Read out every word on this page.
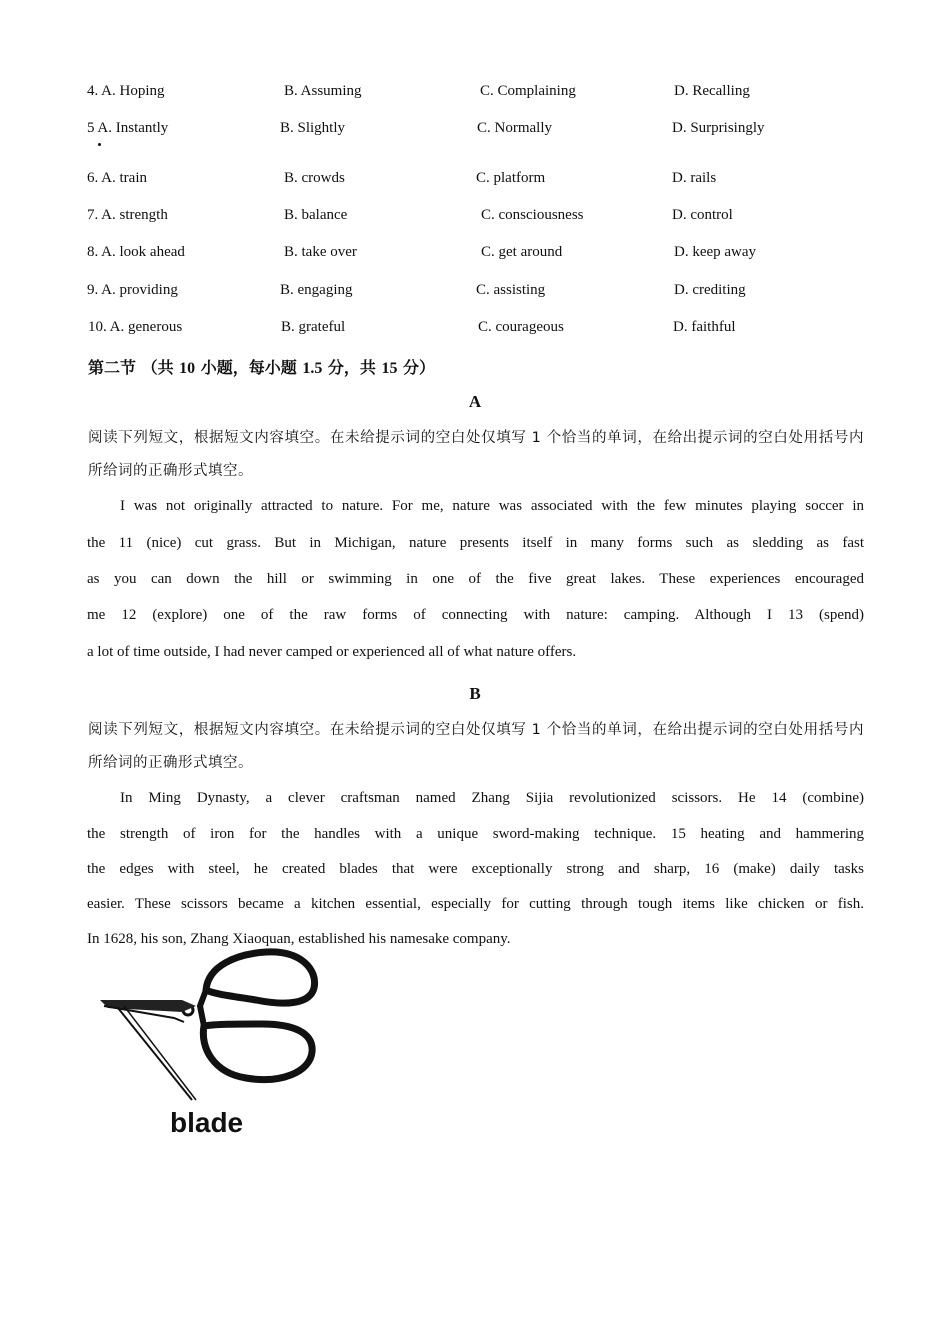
4. A. Hoping	B. Assuming	C. Complaining	D. Recalling
5 A. Instantly	B. Slightly	C. Normally	D. Surprisingly
6. A. train	B. crowds	C. platform	D. rails
7. A. strength	B. balance	C. consciousness	D. control
8. A. look ahead	B. take over	C. get around	D. keep away
9. A. providing	B. engaging	C. assisting	D. crediting
10. A. generous	B. grateful	C. courageous	D. faithful
第二节 （共 10 小题，每小题 1.5 分，共 15 分）
A
阅读下列短文，根据短文内容填空。在未给提示词的空白处仅填写 1 个恰当的单词，在给出提示词的空白处用括号内所给词的正确形式填空。
I was not originally attracted to nature. For me, nature was associated with the few minutes playing soccer in
the 11 (nice) cut grass. But in Michigan, nature presents itself in many forms such as sledding as fast
as you can down the hill or swimming in one of the five great lakes. These experiences encouraged
me 12 (explore) one of the raw forms of connecting with nature: camping. Although I 13 (spend)
a lot of time outside, I had never camped or experienced all of what nature offers.
B
阅读下列短文，根据短文内容填空。在未给提示词的空白处仅填写 1 个恰当的单词，在给出提示词的空白处用括号内所给词的正确形式填空。
In Ming Dynasty, a clever craftsman named Zhang Sijia revolutionized scissors. He 14 (combine)
the strength of iron for the handles with a unique sword-making technique. 15 heating and hammering
the edges with steel, he created blades that were exceptionally strong and sharp, 16 (make) daily tasks
easier. These scissors became a kitchen essential, especially for cutting through tough items like chicken or fish.
In 1628, his son, Zhang Xiaoquan, established his namesake company.
blade
